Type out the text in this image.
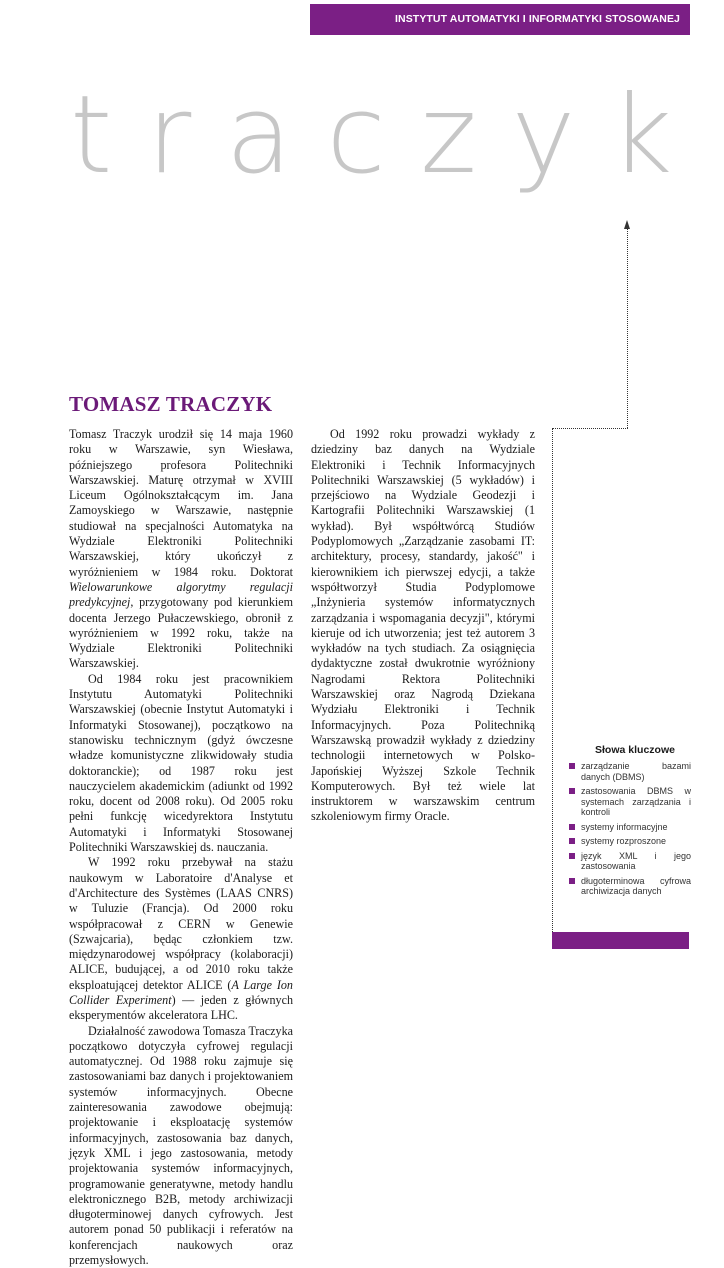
INSTYTUT AUTOMATYKI I INFORMATYKI STOSOWANEJ
traczyk
TOMASZ TRACZYK

Tomasz Traczyk urodził się 14 maja 1960 roku w Warszawie, syn Wiesława, późniejszego profesora Politechniki Warszawskiej. Maturę otrzymał w XVIII Liceum Ogólnokształcącym im. Jana Zamoyskiego w Warszawie, następnie studiował na specjalności Automatyka na Wydziale Elektroniki Politechniki Warszawskiej, który ukończył z wyróżnieniem w 1984 roku. Doktorat Wielowarunkowe algorytmy regulacji predykcyjnej, przygotowany pod kierunkiem docenta Jerzego Pułaczewskiego, obronił z wyróżnieniem w 1992 roku, także na Wydziale Elektroniki Politechniki Warszawskiej.

Od 1984 roku jest pracownikiem Instytutu Automatyki Politechniki Warszawskiej (obecnie Instytut Automatyki i Informatyki Stosowanej), początkowo na stanowisku technicznym (gdyż ówczesne władze komunistyczne zlikwidowały studia doktoranckie); od 1987 roku jest nauczycielem akademickim (adiunkt od 1992 roku, docent od 2008 roku). Od 2005 roku pełni funkcję wicedyrektora Instytutu Automatyki i Informatyki Stosowanej Politechniki Warszawskiej ds. nauczania.

W 1992 roku przebywał na stażu naukowym w Laboratoire d'Analyse et d'Architecture des Systèmes (LAAS CNRS) w Tuluzie (Francja). Od 2000 roku współpracował z CERN w Genewie (Szwajcaria), będąc członkiem tzw. międzynarodowej współpracy (kolaboracji) ALICE, budującej, a od 2010 roku także eksploatującej detektor ALICE (A Large Ion Collider Experiment) — jeden z głównych eksperymentów akceleratora LHC.

Działalność zawodowa Tomasza Traczyka początkowo dotyczyła cyfrowej regulacji automatycznej. Od 1988 roku zajmuje się zastosowaniami baz danych i projektowaniem systemów informacyjnych. Obecne zainteresowania zawodowe obejmują: projektowanie i eksploatację systemów informacyjnych, zastosowania baz danych, język XML i jego zastosowania, metody projektowania systemów informacyjnych, programowanie generatywne, metody handlu elektronicznego B2B, metody archiwizacji długoterminowej danych cyfrowych. Jest autorem ponad 50 publikacji i referatów na konferencjach naukowych oraz przemysłowych.

Od 1992 roku prowadzi wykłady z dziedziny baz danych na Wydziale Elektroniki i Technik Informacyjnych Politechniki Warszawskiej (5 wykładów) i przejściowo na Wydziale Geodezji i Kartografii Politechniki Warszawskiej (1 wykład). Był współtwórcą Studiów Podyplomowych „Zarządzanie zasobami IT: architektury, procesy, standardy, jakość" i kierownikiem ich pierwszej edycji, a także współtworzył Studia Podyplomowe „Inżynieria systemów informatycznych zarządzania i wspomagania decyzji", którymi kieruje od ich utworzenia; jest też autorem 3 wykładów na tych studiach. Za osiągnięcia dydaktyczne został dwukrotnie wyróżniony Nagrodami Rektora Politechniki Warszawskiej oraz Nagrodą Dziekana Wydziału Elektroniki i Technik Informacyjnych. Poza Politechniką Warszawską prowadził wykłady z dziedziny technologii internetowych w Polsko-Japońskiej Wyższej Szkole Technik Komputerowych. Był też wiele lat instruktorem w warszawskim centrum szkoleniowym firmy Oracle.

Słowa kluczowe
zarządzanie bazami danych (DBMS)
zastosowania DBMS w systemach zarządzania i kontroli
systemy informacyjne
systemy rozproszone
język XML i jego zastosowania
długoterminowa cyfrowa archiwizacja danych
